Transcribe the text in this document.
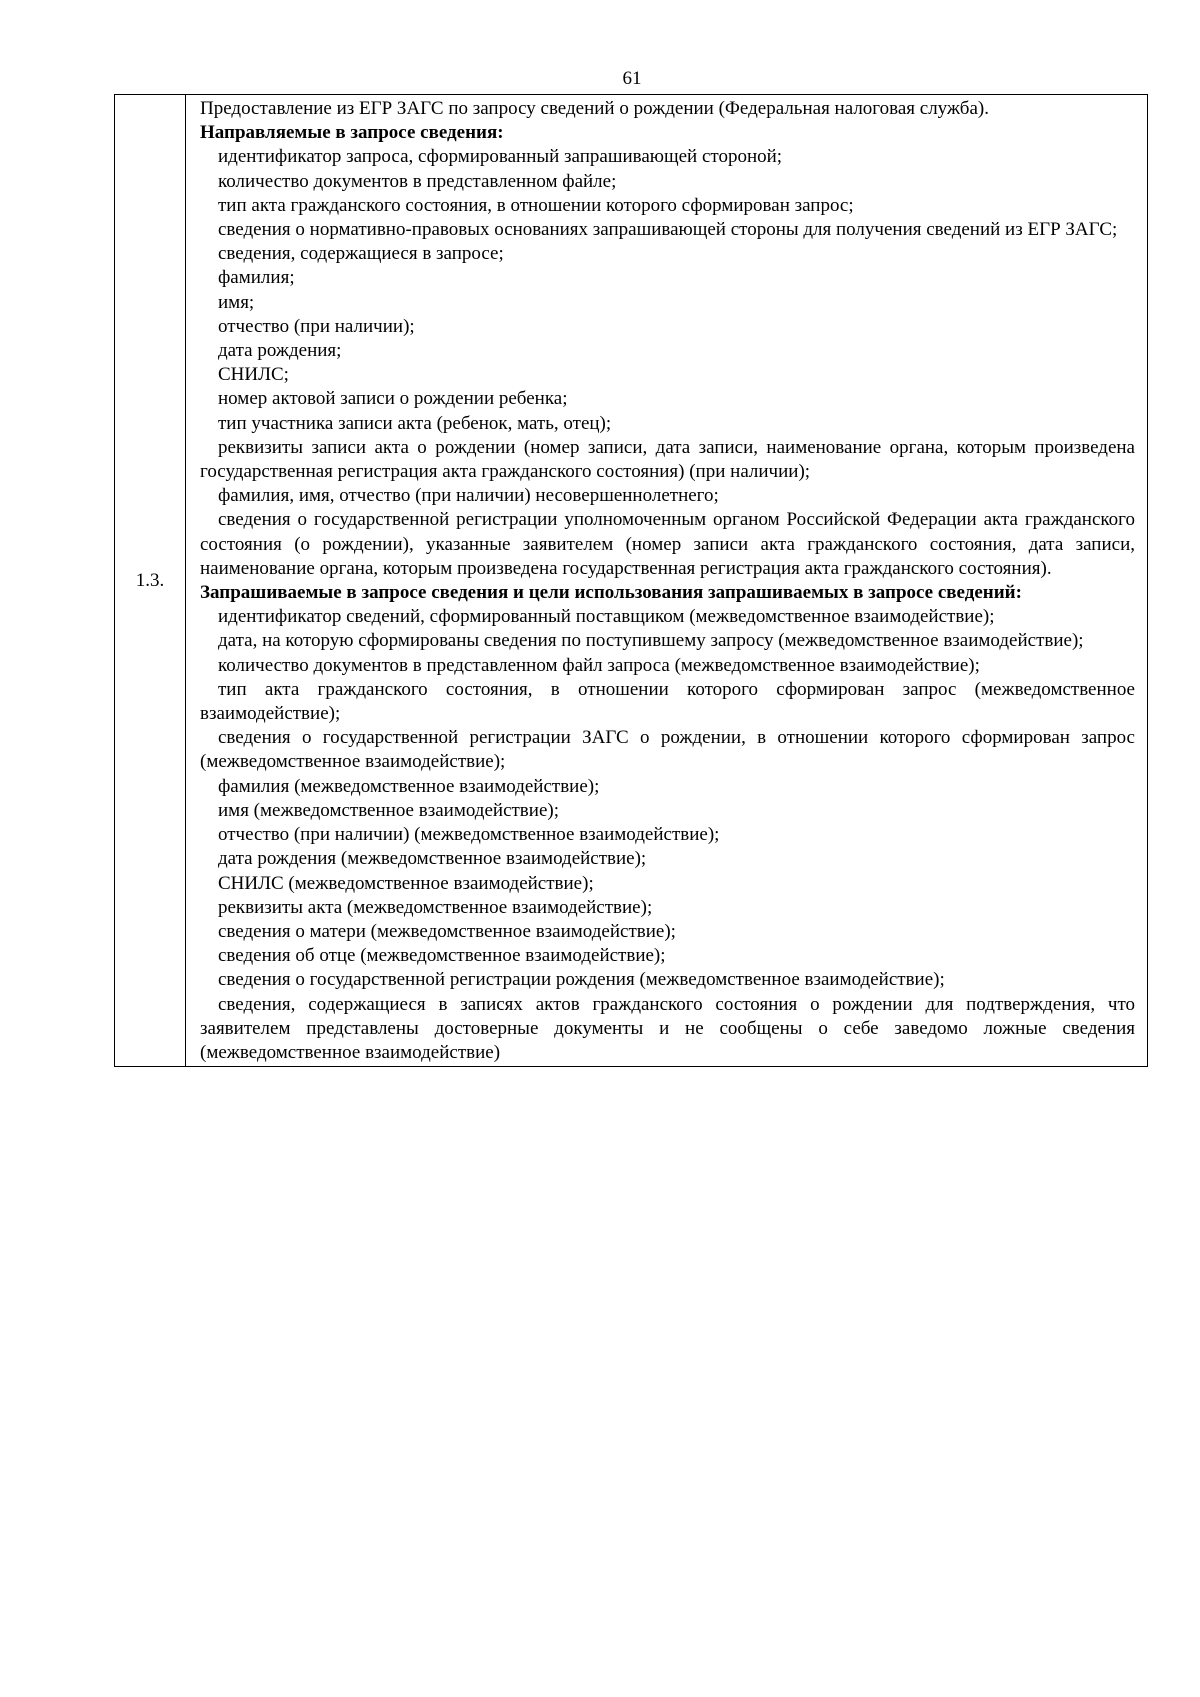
61
1.3.	

Предоставление из ЕГР ЗАГС по запросу сведений о рождении (Федеральная налоговая служба).

Направляемые в запросе сведения:

идентификатор запроса, сформированный запрашивающей стороной;

количество документов в представленном файле;

тип акта гражданского состояния, в отношении которого сформирован запрос;

сведения о нормативно-правовых основаниях запрашивающей стороны для получения сведений из ЕГР ЗАГС;

сведения, содержащиеся в запросе;

фамилия;

имя;

отчество (при наличии);

дата рождения;

СНИЛС;

номер актовой записи о рождении ребенка;

тип участника записи акта (ребенок, мать, отец);

реквизиты записи акта о рождении (номер записи, дата записи, наименование органа, которым произведена государственная регистрация акта гражданского состояния) (при наличии);

фамилия, имя, отчество (при наличии) несовершеннолетнего;

сведения о государственной регистрации уполномоченным органом Российской Федерации акта гражданского состояния (о рождении), указанные заявителем (номер записи акта гражданского состояния, дата записи, наименование органа, которым произведена государственная регистрация акта гражданского состояния).

Запрашиваемые в запросе сведения и цели использования запрашиваемых в запросе сведений:

идентификатор сведений, сформированный поставщиком (межведомственное взаимодействие);

дата, на которую сформированы сведения по поступившему запросу (межведомственное взаимодействие);

количество документов в представленном файл запроса (межведомственное взаимодействие);

тип акта гражданского состояния, в отношении которого сформирован запрос (межведомственное взаимодействие);

сведения о государственной регистрации ЗАГС о рождении, в отношении которого сформирован запрос (межведомственное взаимодействие);

фамилия (межведомственное взаимодействие);

имя (межведомственное взаимодействие);

отчество (при наличии) (межведомственное взаимодействие);

дата рождения (межведомственное взаимодействие);

СНИЛС (межведомственное взаимодействие);

реквизиты акта (межведомственное взаимодействие);

сведения о матери (межведомственное взаимодействие);

сведения об отце (межведомственное взаимодействие);

сведения о государственной регистрации рождения (межведомственное взаимодействие);

сведения, содержащиеся в записях актов гражданского состояния о рождении для подтверждения, что заявителем представлены достоверные документы и не сообщены о себе заведомо ложные сведения (межведомственное взаимодействие)
